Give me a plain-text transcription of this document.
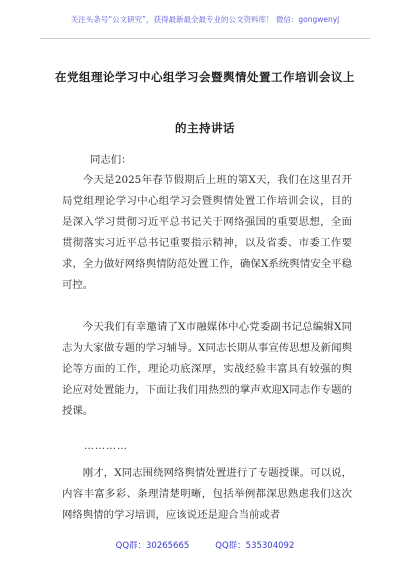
关注头条号“公文研究”，获得最新最全最专业的公文资料库！ 微信：gongwenyj
在党组理论学习中心组学习会暨舆情处置工作培训会议上
的主持讲话
同志们：
今天是2025年春节假期后上班的第X天，我们在这里召开局党组理论学习中心组学习会暨舆情处置工作培训会议，目的是深入学习贯彻习近平总书记关于网络强国的重要思想，全面贯彻落实习近平总书记重要指示精神，以及省委、市委工作要求，全力做好网络舆情防范处置工作，确保X系统舆情安全平稳可控。
今天我们有幸邀请了X市融媒体中心党委副书记总编辑X同志为大家做专题的学习辅导。X同志长期从事宣传思想及新闻舆论等方面的工作，理论功底深厚，实战经验丰富具有较强的舆论应对处置能力，下面让我们用热烈的掌声欢迎X同志作专题的授课。
…………
刚才，X同志围绕网络舆情处置进行了专题授课。可以说，内容丰富多彩、条理清楚明晰，包括举例都深思熟虑我们这次网络舆情的学习培训，应该说还是迎合当前或者
QQ群：30265665	QQ群：535304092
